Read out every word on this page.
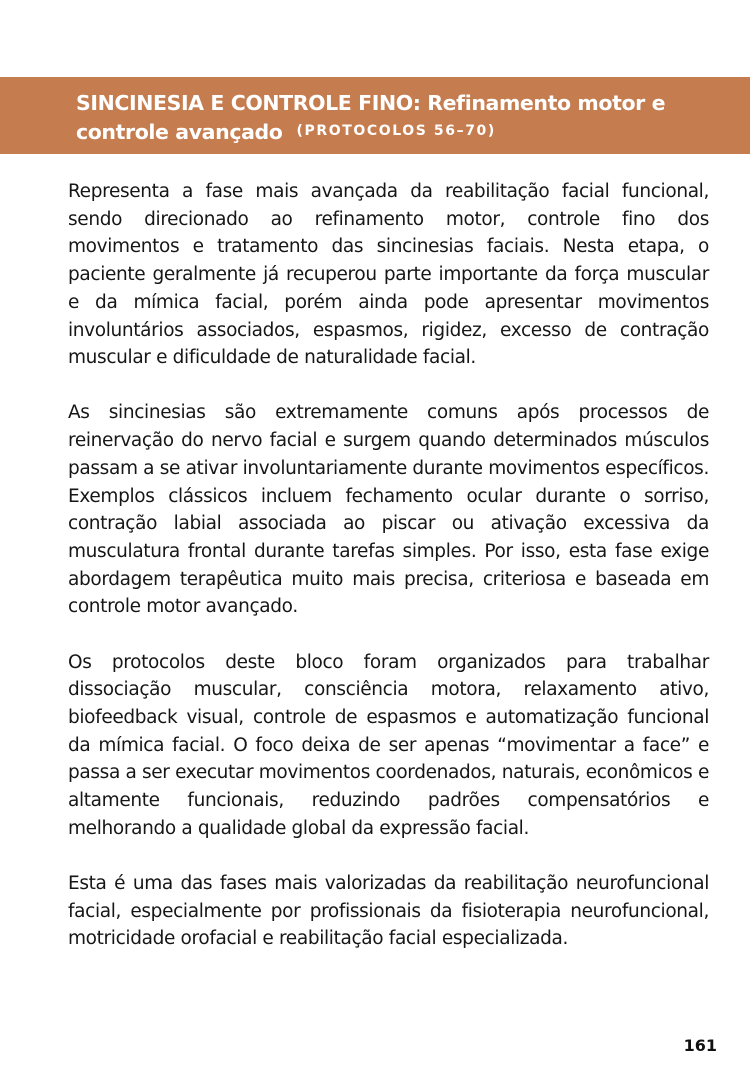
SINCINESIA E CONTROLE FINO: Refinamento motor e controle avançado (PROTOCOLOS 56–70)

Representa a fase mais avançada da reabilitação facial funcional, sendo direcionado ao refinamento motor, controle fino dos movimentos e tratamento das sincinesias faciais. Nesta etapa, o paciente geralmente já recuperou parte importante da força muscular e da mímica facial, porém ainda pode apresentar movimentos involuntários associados, espasmos, rigidez, excesso de contração muscular e dificuldade de naturalidade facial.

As sincinesias são extremamente comuns após processos de reinervação do nervo facial e surgem quando determinados músculos passam a se ativar involuntariamente durante movimentos específicos. Exemplos clássicos incluem fechamento ocular durante o sorriso, contração labial associada ao piscar ou ativação excessiva da musculatura frontal durante tarefas simples. Por isso, esta fase exige abordagem terapêutica muito mais precisa, criteriosa e baseada em controle motor avançado.

Os protocolos deste bloco foram organizados para trabalhar dissociação muscular, consciência motora, relaxamento ativo, biofeedback visual, controle de espasmos e automatização funcional da mímica facial. O foco deixa de ser apenas “movimentar a face” e passa a ser executar movimentos coordenados, naturais, econômicos e altamente funcionais, reduzindo padrões compensatórios e melhorando a qualidade global da expressão facial.

Esta é uma das fases mais valorizadas da reabilitação neurofuncional facial, especialmente por profissionais da fisioterapia neurofuncional, motricidade orofacial e reabilitação facial especializada.

161
